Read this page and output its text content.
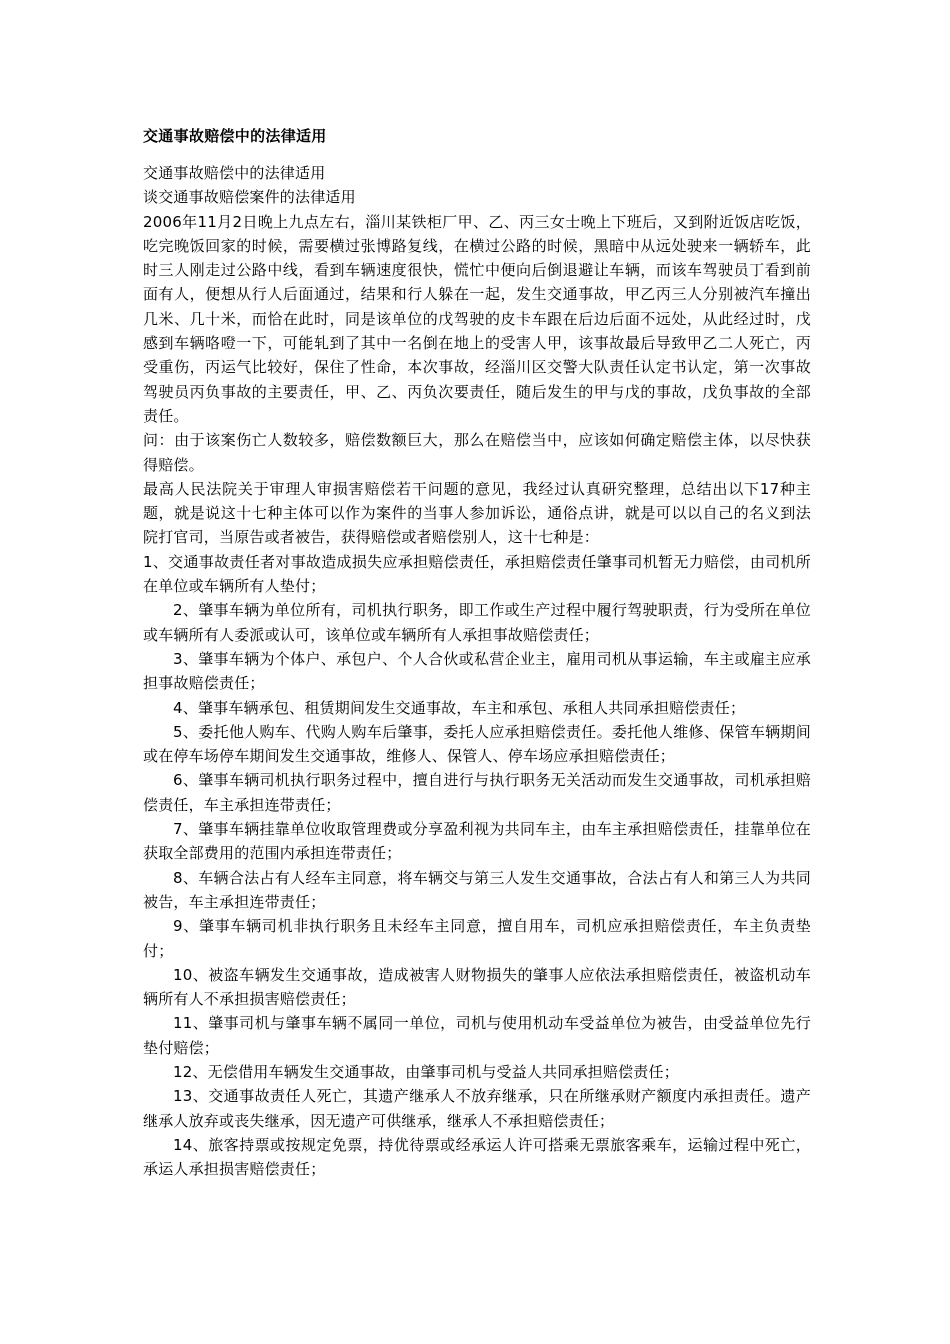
交通事故赔偿中的法律适用

交通事故赔偿中的法律适用

谈交通事故赔偿案件的法律适用

2006年11月2日晚上九点左右，淄川某铁柜厂甲、乙、丙三女士晚上下班后，又到附近饭店吃饭，吃完晚饭回家的时候，需要横过张博路复线，在横过公路的时候，黑暗中从远处驶来一辆轿车，此时三人刚走过公路中线，看到车辆速度很快，慌忙中便向后倒退避让车辆，而该车驾驶员丁看到前面有人，便想从行人后面通过，结果和行人躲在一起，发生交通事故，甲乙丙三人分别被汽车撞出几米、几十米，而恰在此时，同是该单位的戊驾驶的皮卡车跟在后边后面不远处，从此经过时，戊感到车辆咯噔一下，可能轧到了其中一名倒在地上的受害人甲，该事故最后导致甲乙二人死亡，丙受重伤，丙运气比较好，保住了性命，本次事故，经淄川区交警大队责任认定书认定，第一次事故驾驶员丙负事故的主要责任，甲、乙、丙负次要责任，随后发生的甲与戊的事故，戊负事故的全部责任。

问：由于该案伤亡人数较多，赔偿数额巨大，那么在赔偿当中，应该如何确定赔偿主体，以尽快获得赔偿。

最高人民法院关于审理人审损害赔偿若干问题的意见，我经过认真研究整理，总结出以下17种主题，就是说这十七种主体可以作为案件的当事人参加诉讼，通俗点讲，就是可以以自己的名义到法院打官司，当原告或者被告，获得赔偿或者赔偿别人，这十七种是：

1、交通事故责任者对事故造成损失应承担赔偿责任，承担赔偿责任肇事司机暂无力赔偿，由司机所在单位或车辆所有人垫付；

2、肇事车辆为单位所有，司机执行职务，即工作或生产过程中履行驾驶职责，行为受所在单位或车辆所有人委派或认可，该单位或车辆所有人承担事故赔偿责任；

3、肇事车辆为个体户、承包户、个人合伙或私营企业主，雇用司机从事运输，车主或雇主应承担事故赔偿责任；

4、肇事车辆承包、租赁期间发生交通事故，车主和承包、承租人共同承担赔偿责任；

5、委托他人购车、代购人购车后肇事，委托人应承担赔偿责任。委托他人维修、保管车辆期间或在停车场停车期间发生交通事故，维修人、保管人、停车场应承担赔偿责任；

6、肇事车辆司机执行职务过程中，擅自进行与执行职务无关活动而发生交通事故，司机承担赔偿责任，车主承担连带责任；

7、肇事车辆挂靠单位收取管理费或分享盈利视为共同车主，由车主承担赔偿责任，挂靠单位在获取全部费用的范围内承担连带责任；

8、车辆合法占有人经车主同意，将车辆交与第三人发生交通事故，合法占有人和第三人为共同被告，车主承担连带责任；

9、肇事车辆司机非执行职务且未经车主同意，擅自用车，司机应承担赔偿责任，车主负责垫付；

10、被盗车辆发生交通事故，造成被害人财物损失的肇事人应依法承担赔偿责任，被盗机动车辆所有人不承担损害赔偿责任；

11、肇事司机与肇事车辆不属同一单位，司机与使用机动车受益单位为被告，由受益单位先行垫付赔偿；

12、无偿借用车辆发生交通事故，由肇事司机与受益人共同承担赔偿责任；

13、交通事故责任人死亡，其遗产继承人不放弃继承，只在所继承财产额度内承担责任。遗产继承人放弃或丧失继承，因无遗产可供继承，继承人不承担赔偿责任；

14、旅客持票或按规定免票，持优待票或经承运人许可搭乘无票旅客乘车，运输过程中死亡，承运人承担损害赔偿责任；
